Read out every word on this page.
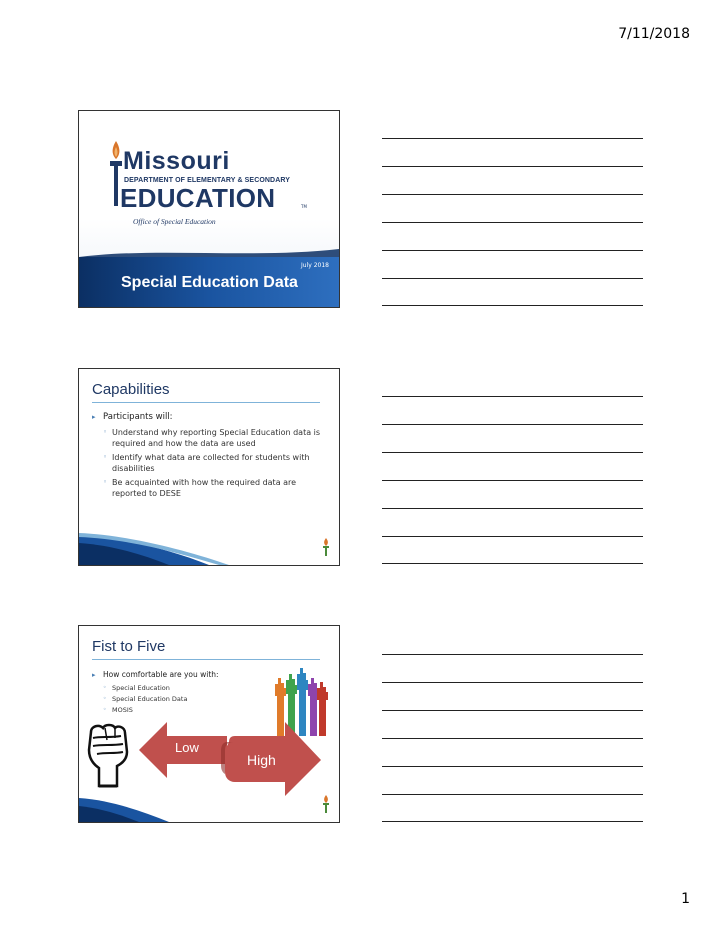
7/11/2018
Missouri
DEPARTMENT OF ELEMENTARY & SECONDARY
EDUCATION	TM
Office of Special Education
July 2018
Special Education Data
Capabilities
▸ Participants will:
◦ Understand why reporting Special Education data is required and how the data are used
◦ Identify what data are collected for students with disabilities
◦ Be acquainted with how the required data are reported to DESE
Fist to Five
▸ How comfortable are you with:
◦ Special Education
◦ Special Education Data
◦ MOSIS
Low
High
1
